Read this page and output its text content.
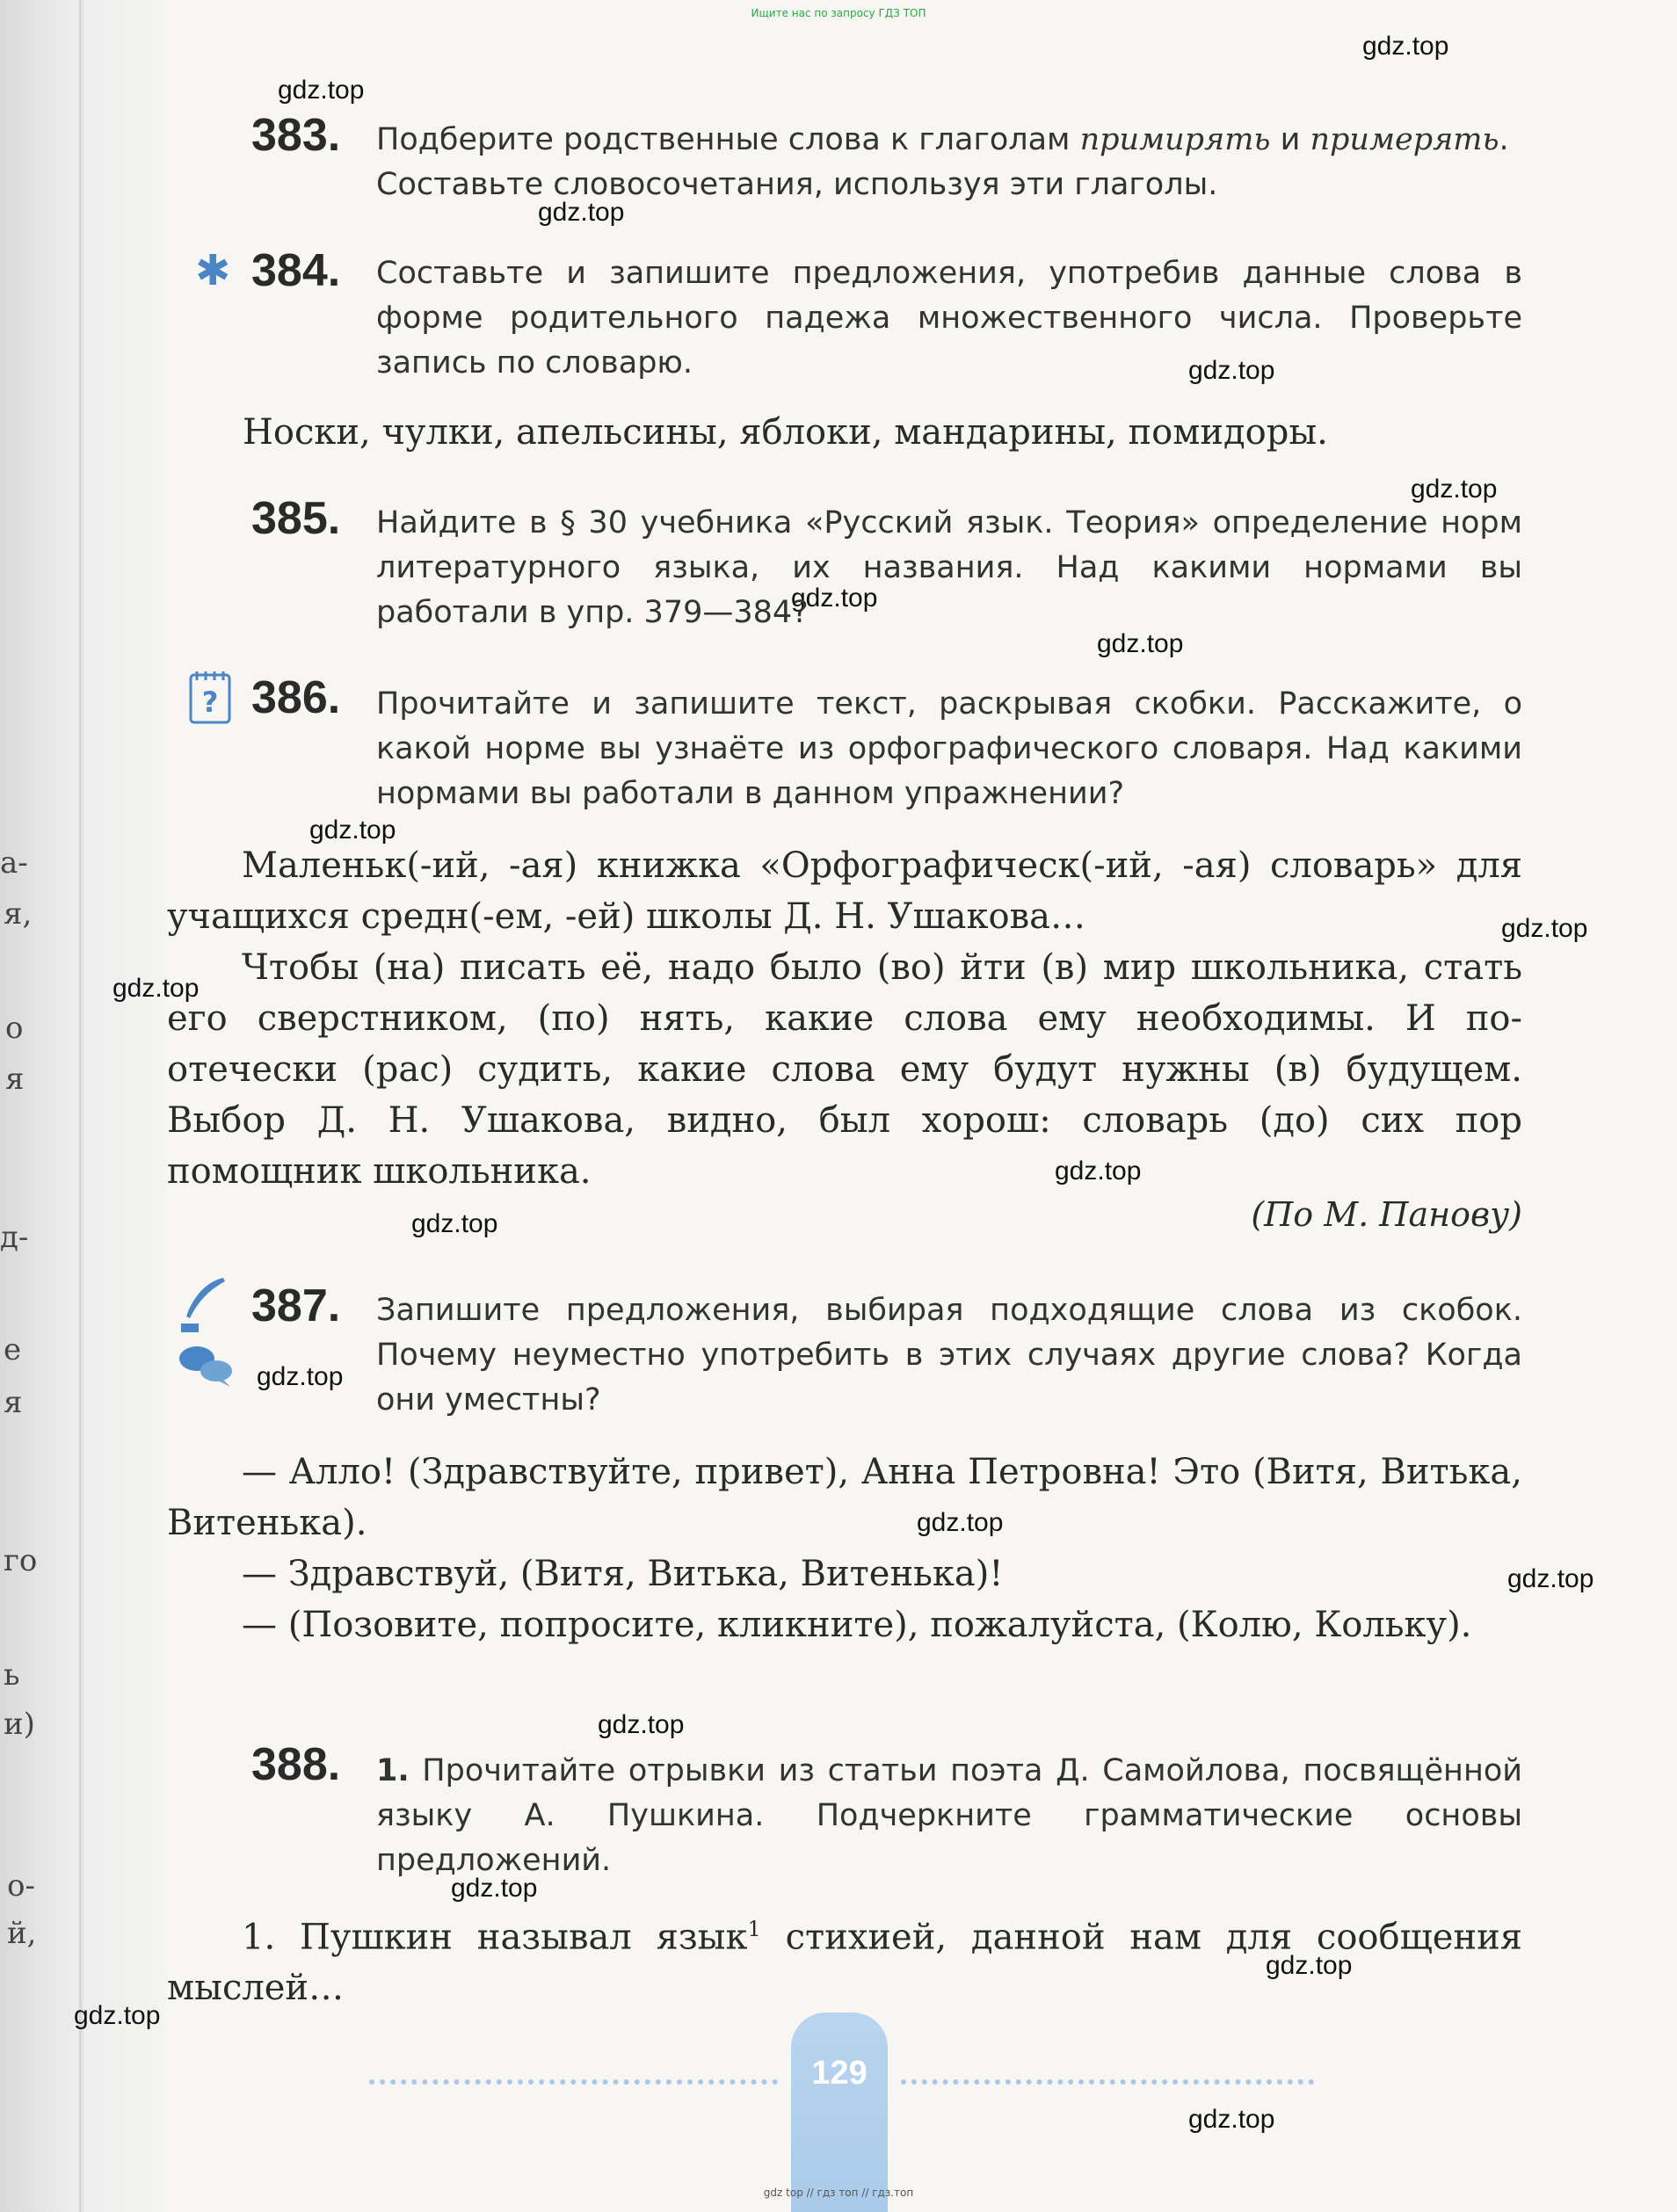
Ищите нас по запросу ГДЗ ТОП
gdz.top
gdz.top
gdz.top
gdz.top
gdz.top
gdz.top
gdz.top
gdz.top
gdz.top
gdz.top
gdz.top
gdz.top
gdz.top
gdz.top
gdz.top
gdz.top
gdz.top
gdz.top
gdz.top
gdz.top
а-
я,
о
я
д-
е
я
го
ь
и)
о-
й,
383. Подберите родственные слова к глаголам примирять и примерять.
Составьте словосочетания, используя эти глаголы.
✱ 384. Составьте и запишите предложения, употребив данные слова в форме родительного падежа множественного числа. Проверьте запись по словарю.
Носки, чулки, апельсины, яблоки, мандарины, помидоры.
385. Найдите в § 30 учебника «Русский язык. Теория» определение норм литературного языка, их названия. Над какими нормами вы работали в упр. 379—384?
? 386. Прочитайте и запишите текст, раскрывая скобки. Расскажите, о какой норме вы узнаёте из орфографического словаря. Над какими нормами вы работали в данном упражнении?

Маленьк(-ий, -ая) книжка «Орфографическ(-ий, -ая) словарь» для учащихся средн(-ем, -ей) школы Д. Н. Ушакова…

Чтобы (на) писать её, надо было (во) йти (в) мир школьника, стать его сверстником, (по) нять, какие слова ему необходимы. И по-отечески (рас) судить, какие слова ему будут нужны (в) будущем. Выбор Д. Н. Ушакова, видно, был хорош: словарь (до) сих пор помощник школьника.

(По М. Панову)
387. Запишите предложения, выбирая подходящие слова из скобок. Почему неуместно употребить в этих случаях другие слова? Когда они уместны?

— Алло! (Здравствуйте, привет), Анна Петровна! Это (Витя, Витька, Витенька).

— Здравствуй, (Витя, Витька, Витенька)!

— (Позовите, попросите, кликните), пожалуйста, (Колю, Кольку).

388. 1. Прочитайте отрывки из статьи поэта Д. Самойлова, посвящённой языку А. Пушкина. Подчеркните грамматические основы предложений.

1. Пушкин называл язык$^1$ стихией, данной нам для сообщения мыслей…

129
gdz top // гдз топ // гдз.топ
